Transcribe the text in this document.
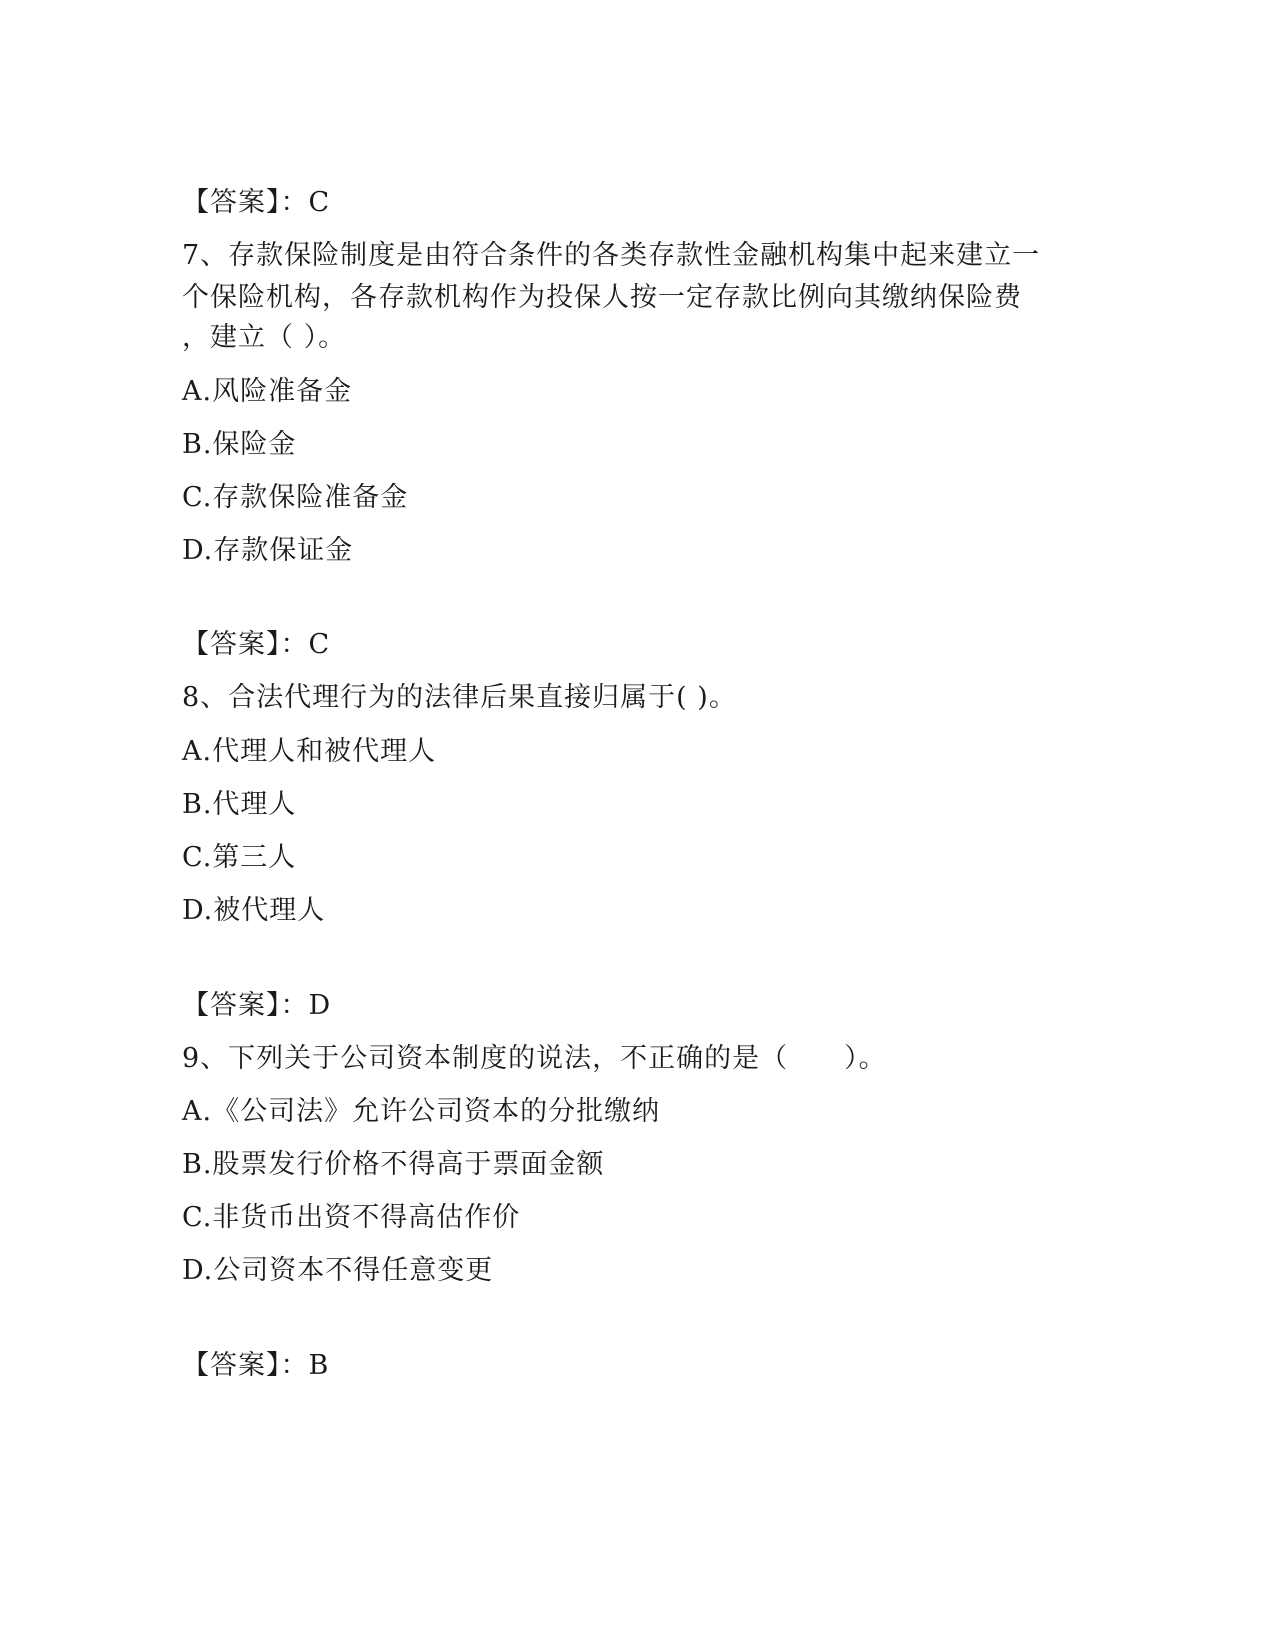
【答案】：C
7、存款保险制度是由符合条件的各类存款性金融机构集中起来建立一
个保险机构，各存款机构作为投保人按一定存款比例向其缴纳保险费
，建立（ ）。
A.风险准备金
B.保险金
C.存款保险准备金
D.存款保证金
【答案】：C
8、合法代理行为的法律后果直接归属于( )。
A.代理人和被代理人
B.代理人
C.第三人
D.被代理人
【答案】：D
9、下列关于公司资本制度的说法，不正确的是（　　）。
A.《公司法》允许公司资本的分批缴纳
B.股票发行价格不得高于票面金额
C.非货币出资不得高估作价
D.公司资本不得任意变更
【答案】：B
